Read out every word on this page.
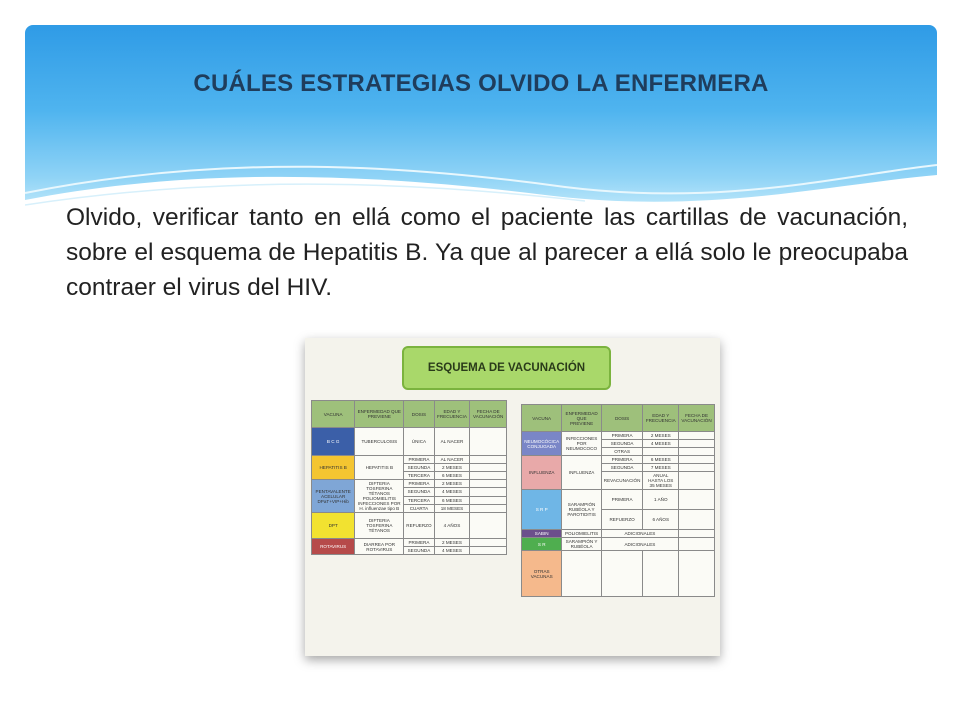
CUÁLES ESTRATEGIAS OLVIDO LA ENFERMERA
Olvido, verificar tanto en ellá como el paciente las cartillas de vacunación, sobre el esquema de Hepatitis B. Ya que al parecer a ellá solo le preocupaba contraer el virus del HIV.
ESQUEMA DE VACUNACIÓN
VACUNA	ENFERMEDAD QUE PREVIENE	DOSIS	EDAD Y FRECUENCIA	FECHA DE VACUNACIÓN
B C G	TUBERCULOSIS	ÚNICA	AL NACER	
HEPATITIS B	HEPATITIS B	PRIMERA	AL NACER	
		SEGUNDA	2 MESES	
		TERCERA	6 MESES	
PENTAVALENTE ACELULAR DPaT+VIP+Hib	DIFTERIA TOSFERINA TÉTANOS POLIOMIELITIS INFECCIONES POR H. influenzae tipo B	PRIMERA	2 MESES	
		SEGUNDA	4 MESES	
		TERCERA	6 MESES	
		CUARTA	18 MESES	
DPT	DIFTERIA TOSFERINA TÉTANOS	REFUERZO	4 AÑOS	
ROTAVIRUS	DIARREA POR ROTAVIRUS	PRIMERA	2 MESES	
		SEGUNDA	4 MESES	
VACUNA	ENFERMEDAD QUE PREVIENE	DOSIS	EDAD Y FRECUENCIA	FECHA DE VACUNACIÓN
NEUMOCÓCICA CONJUGADA	INFECCIONES POR NEUMOCOCO	PRIMERA	2 MESES	
		SEGUNDA	4 MESES	
		OTRAS		
INFLUENZA	INFLUENZA	PRIMERA	6 MESES	
		SEGUNDA	7 MESES	
		REVACUNACIÓN	ANUAL HASTA LOS 35 MESES	
S R P	SARAMPIÓN RUBÉOLA Y PAROTIDITIS	PRIMERA	1 AÑO	
		REFUERZO	6 AÑOS	
SABIN	POLIOMIELITIS	ADICIONALES		
S R	SARAMPIÓN Y RUBÉOLA	ADICIONALES		
OTRAS VACUNAS				
